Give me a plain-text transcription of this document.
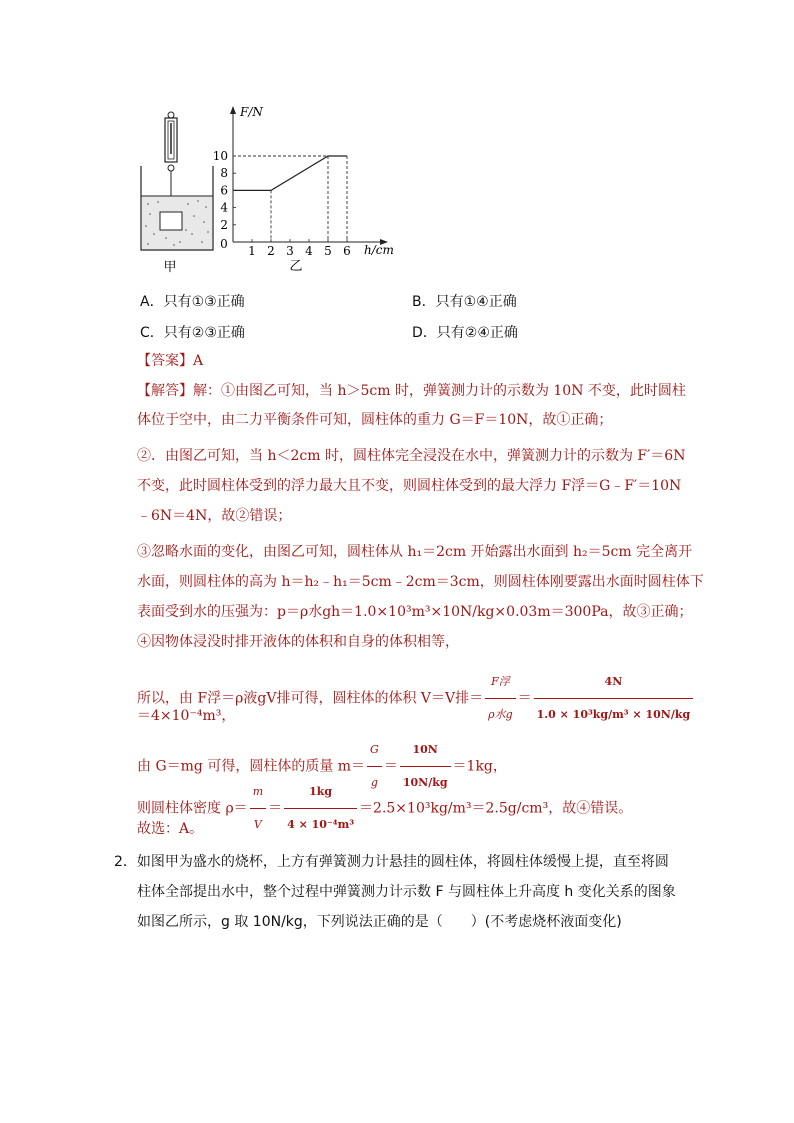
甲
0 1 2 3 4 5 6
2
4
6
8
10
F/N
h/cm
乙
A．只有①③正确	B．只有①④正确
C．只有②③正确	D．只有②④正确
【答案】A
【解答】解：①由图乙可知，当 h＞5cm 时，弹簧测力计的示数为 10N 不变，此时圆柱
体位于空中，由二力平衡条件可知，圆柱体的重力 G＝F＝10N，故①正确；
②．由图乙可知，当 h＜2cm 时，圆柱体完全浸没在水中，弹簧测力计的示数为 F′＝6N
不变，此时圆柱体受到的浮力最大且不变，则圆柱体受到的最大浮力 F浮＝G﹣F′＝10N
﹣6N＝4N，故②错误；
③忽略水面的变化，由图乙可知，圆柱体从 h₁＝2cm 开始露出水面到 h₂＝5cm 完全离开
水面，则圆柱体的高为 h＝h₂﹣h₁＝5cm﹣2cm＝3cm，则圆柱体刚要露出水面时圆柱体下
表面受到水的压强为：p＝ρ水gh＝1.0×10³m³×10N/kg×0.03m＝300Pa，故③正确；
④因物体浸没时排开液体的体积和自身的体积相等，
所以，由 F浮＝ρ液gV排可得，圆柱体的体积 V＝V排＝ $\frac{\text{F浮}}{\text{ρ水g}} = \frac{4N}{\text{1.0 × 10³kg/m³ × 10N/kg}}$
＝4×10⁻⁴m³，
由 G＝mg 可得，圆柱体的质量 $m= \frac{G}{g} = \frac{10N}{10N/kg} =1kg$，
则圆柱体密度 $\rho= \frac{m}{V} = \frac{1kg}{\text{4 × 10⁻⁴m³}} =2.5\times 10^3kg/m^3=2.5g/cm^3$，故④错误。
故选：A。
2．如图甲为盛水的烧杯，上方有弹簧测力计悬挂的圆柱体，将圆柱体缓慢上提，直至将圆
柱体全部提出水中，整个过程中弹簧测力计示数 F 与圆柱体上升高度 h 变化关系的图象
如图乙所示，g 取 10N/kg，下列说法正确的是（　　）(不考虑烧杯液面变化)
